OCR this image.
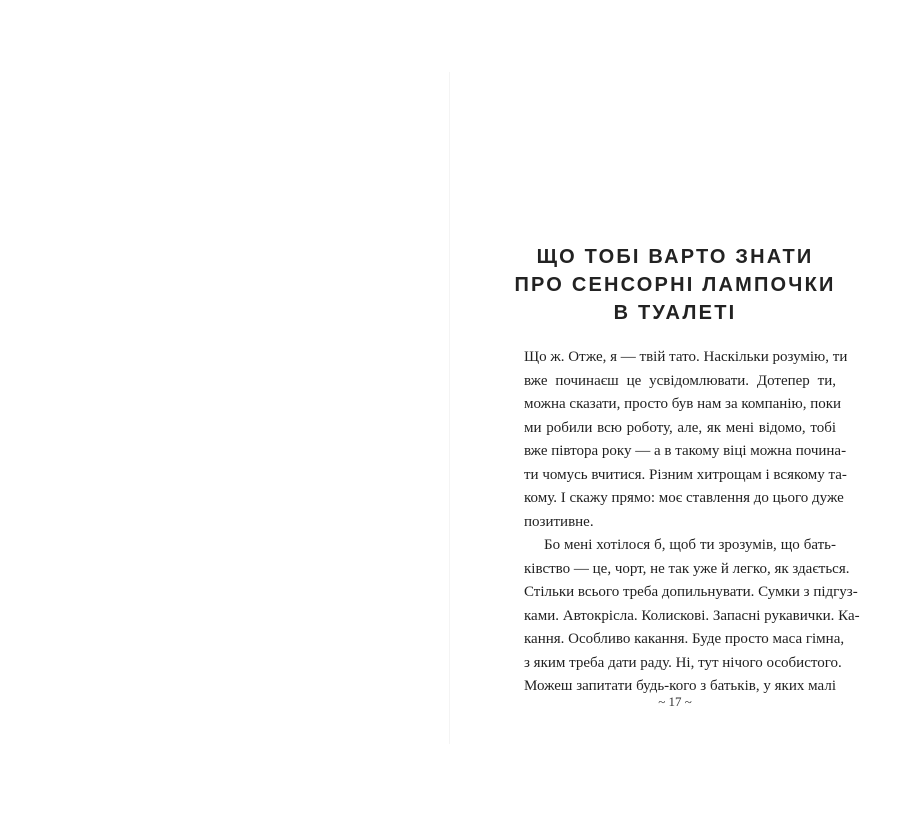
ЩО ТОБІ ВАРТО ЗНАТИ
ПРО СЕНСОРНІ ЛАМПОЧКИ
В ТУАЛЕТІ
Що ж. Отже, я — твій тато. Наскільки розумію, ти
вже починаєш це усвідомлювати. Дотепер ти,
можна сказати, просто був нам за компанію, поки
ми робили всю роботу, але, як мені відомо, тобі
вже півтора року — а в такому віці можна почина-
ти чомусь вчитися. Різним хитрощам і всякому та-
кому. І скажу прямо: моє ставлення до цього дуже
позитивне.
Бо мені хотілося б, щоб ти зрозумів, що бать-
ківство — це, чорт, не так уже й легко, як здається.
Стільки всього треба допильнувати. Сумки з підгуз-
ками. Автокрісла. Колискові. Запасні рукавички. Ка-
кання. Особливо какання. Буде просто маса гімна,
з яким треба дати раду. Ні, тут нічого особистого.
Можеш запитати будь-кого з батьків, у яких малі
~ 17 ~
